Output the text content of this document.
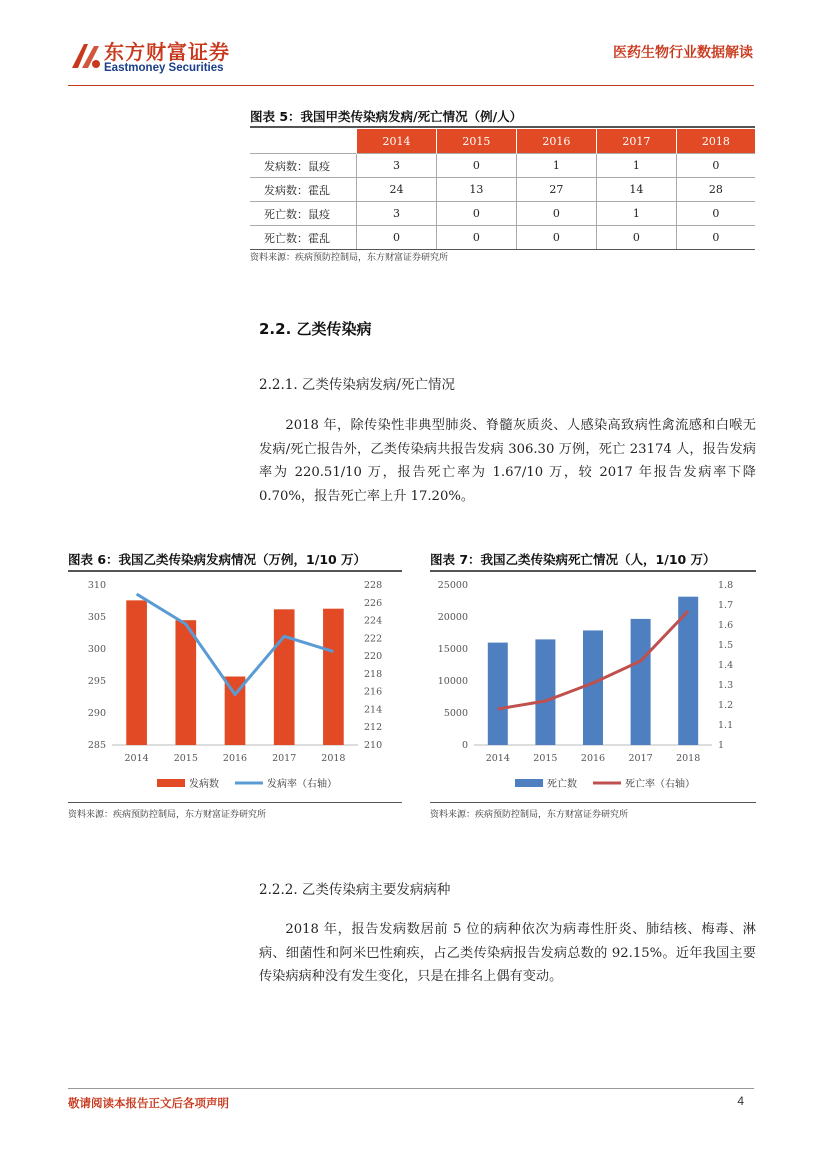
东方财富证券
Eastmoney Securities
医药生物行业数据解读
图表 5：我国甲类传染病发病/死亡情况（例/人）
	2014	2015	2016	2017	2018
发病数：鼠疫	3	0	1	1	0
发病数：霍乱	24	13	27	14	28
死亡数：鼠疫	3	0	0	1	0
死亡数：霍乱	0	0	0	0	0
资料来源：疾病预防控制局，东方财富证券研究所
2.2. 乙类传染病
2.2.1. 乙类传染病发病/死亡情况

2018 年，除传染性非典型肺炎、脊髓灰质炎、人感染高致病性禽流感和白喉无发病/死亡报告外，乙类传染病共报告发病 306.30 万例，死亡 23174 人，报告发病率为 220.51/10 万，报告死亡率为 1.67/10 万，较 2017 年报告发病率下降 0.70%，报告死亡率上升 17.20%。

图表 6：我国乙类传染病发病情况（万例，1/10 万）
285
290
295
300
305
310
210
212
214
216
218
220
222
224
226
228
2014	2015	2016	2017	2018
发病数	发病率（右轴）
资料来源：疾病预防控制局，东方财富证券研究所
图表 7：我国乙类传染病死亡情况（人，1/10 万）
0
5000
10000
15000
20000
25000
1
1.1
1.2
1.3
1.4
1.5
1.6
1.7
1.8
2014 2015 2016 2017 2018
死亡数	死亡率（右轴）
资料来源：疾病预防控制局，东方财富证券研究所
2.2.2. 乙类传染病主要发病病种

2018 年，报告发病数居前 5 位的病种依次为病毒性肝炎、肺结核、梅毒、淋病、细菌性和阿米巴性痢疾，占乙类传染病报告发病总数的 92.15%。近年我国主要传染病病种没有发生变化，只是在排名上偶有变动。

敬请阅读本报告正文后各项声明	4
